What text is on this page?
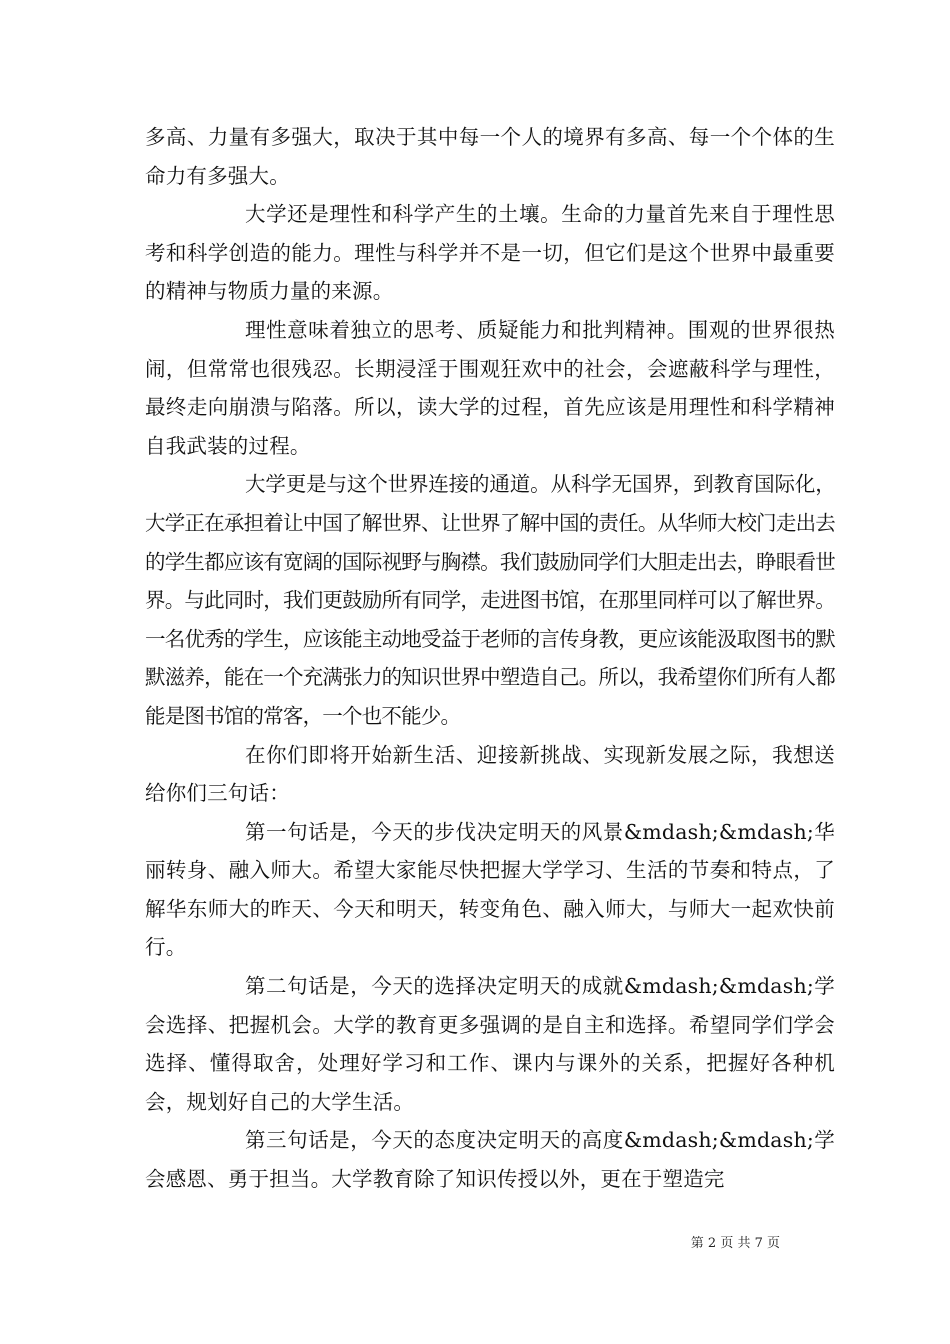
多高、力量有多强大，取决于其中每一个人的境界有多高、每一个个体的生命力有多强大。

大学还是理性和科学产生的土壤。生命的力量首先来自于理性思考和科学创造的能力。理性与科学并不是一切，但它们是这个世界中最重要的精神与物质力量的来源。

理性意味着独立的思考、质疑能力和批判精神。围观的世界很热闹，但常常也很残忍。长期浸淫于围观狂欢中的社会，会遮蔽科学与理性，最终走向崩溃与陷落。所以，读大学的过程，首先应该是用理性和科学精神自我武装的过程。

大学更是与这个世界连接的通道。从科学无国界，到教育国际化，大学正在承担着让中国了解世界、让世界了解中国的责任。从华师大校门走出去的学生都应该有宽阔的国际视野与胸襟。我们鼓励同学们大胆走出去，睁眼看世界。与此同时，我们更鼓励所有同学，走进图书馆，在那里同样可以了解世界。一名优秀的学生，应该能主动地受益于老师的言传身教，更应该能汲取图书的默默滋养，能在一个充满张力的知识世界中塑造自己。所以，我希望你们所有人都能是图书馆的常客，一个也不能少。

在你们即将开始新生活、迎接新挑战、实现新发展之际，我想送给你们三句话：

第一句话是，今天的步伐决定明天的风景&mdash;&mdash;华丽转身、融入师大。希望大家能尽快把握大学学习、生活的节奏和特点，了解华东师大的昨天、今天和明天，转变角色、融入师大，与师大一起欢快前行。

第二句话是，今天的选择决定明天的成就&mdash;&mdash;学会选择、把握机会。大学的教育更多强调的是自主和选择。希望同学们学会选择、懂得取舍，处理好学习和工作、课内与课外的关系，把握好各种机会，规划好自己的大学生活。

第三句话是，今天的态度决定明天的高度&mdash;&mdash;学会感恩、勇于担当。大学教育除了知识传授以外，更在于塑造完

第 2 页 共 7 页
